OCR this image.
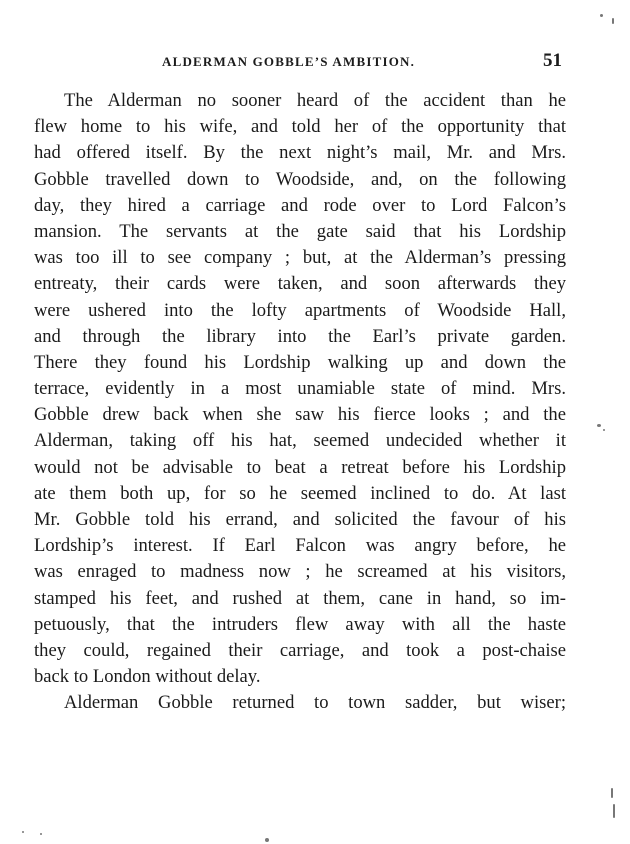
ALDERMAN GOBBLE’S AMBITION.	51
The Alderman no sooner heard of the accident than he
flew home to his wife, and told her of the opportunity that
had offered itself. By the next night’s mail, Mr. and Mrs.
Gobble travelled down to Woodside, and, on the following
day, they hired a carriage and rode over to Lord Falcon’s
mansion. The servants at the gate said that his Lordship
was too ill to see company ; but, at the Alderman’s pressing
entreaty, their cards were taken, and soon afterwards they
were ushered into the lofty apartments of Woodside Hall,
and through the library into the Earl’s private garden.
There they found his Lordship walking up and down the
terrace, evidently in a most unamiable state of mind. Mrs.
Gobble drew back when she saw his fierce looks ; and the
Alderman, taking off his hat, seemed undecided whether it
would not be advisable to beat a retreat before his Lordship
ate them both up, for so he seemed inclined to do. At last
Mr. Gobble told his errand, and solicited the favour of his
Lordship’s interest. If Earl Falcon was angry before, he
was enraged to madness now ; he screamed at his visitors,
stamped his feet, and rushed at them, cane in hand, so im-
petuously, that the intruders flew away with all the haste
they could, regained their carriage, and took a post-chaise
back to London without delay.
Alderman Gobble returned to town sadder, but wiser;
